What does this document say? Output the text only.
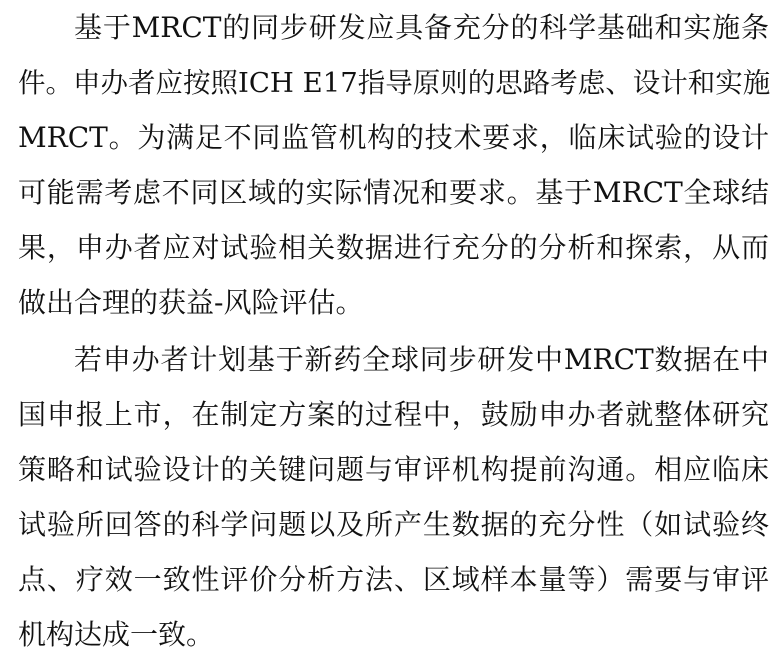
基于MRCT的同步研发应具备充分的科学基础和实施条
件。申办者应按照ICH E17指导原则的思路考虑、设计和实施
MRCT。为满足不同监管机构的技术要求，临床试验的设计
可能需考虑不同区域的实际情况和要求。基于MRCT全球结
果，申办者应对试验相关数据进行充分的分析和探索，从而
做出合理的获益-风险评估。
若申办者计划基于新药全球同步研发中MRCT数据在中
国申报上市，在制定方案的过程中，鼓励申办者就整体研究
策略和试验设计的关键问题与审评机构提前沟通。相应临床
试验所回答的科学问题以及所产生数据的充分性（如试验终
点、疗效一致性评价分析方法、区域样本量等）需要与审评
机构达成一致。
